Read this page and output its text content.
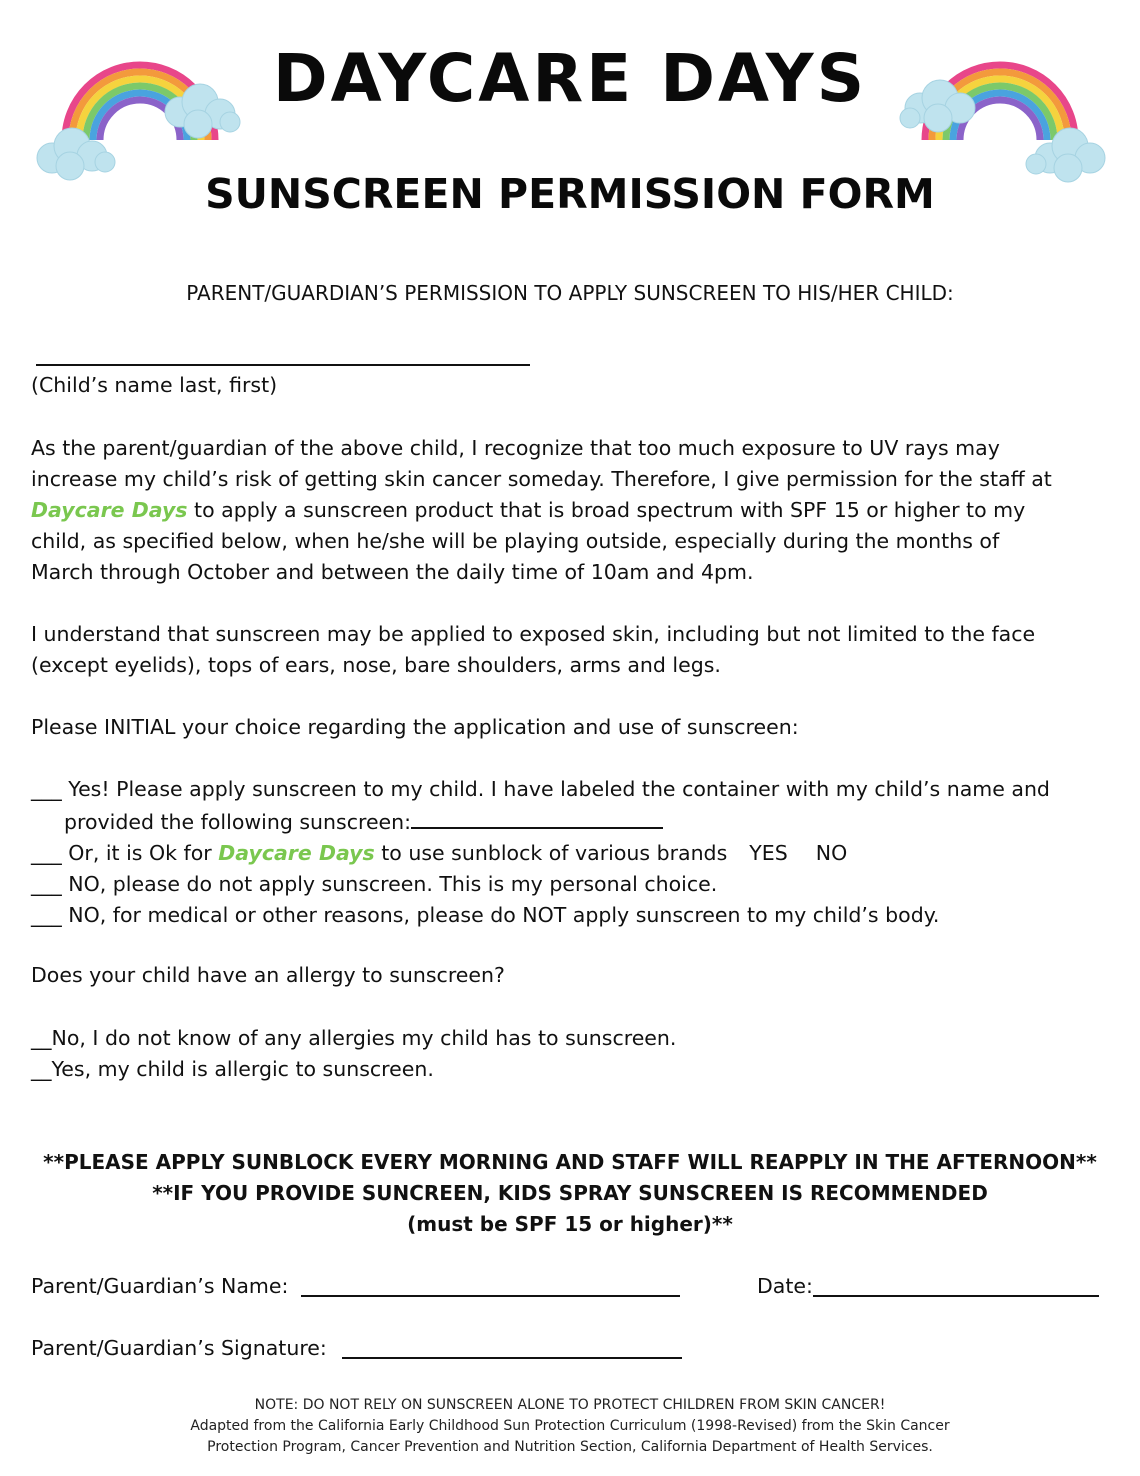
DAYCARE DAYS
SUNSCREEN PERMISSION FORM
PARENT/GUARDIAN’S PERMISSION TO APPLY SUNSCREEN TO HIS/HER CHILD:
(Child’s name last, first)
As the parent/guardian of the above child, I recognize that too much exposure to UV rays may
increase my child’s risk of getting skin cancer someday. Therefore, I give permission for the staff at
Daycare Days to apply a sunscreen product that is broad spectrum with SPF 15 or higher to my
child, as specified below, when he/she will be playing outside, especially during the months of
March through October and between the daily time of 10am and 4pm.
I understand that sunscreen may be applied to exposed skin, including but not limited to the face
(except eyelids), tops of ears, nose, bare shoulders, arms and legs.
Please INITIAL your choice regarding the application and use of sunscreen:
___ Yes! Please apply sunscreen to my child. I have labeled the container with my child’s name and
provided the following sunscreen:
___ Or, it is Ok for Daycare Days to use sunblock of various brands YES NO
___ NO, please do not apply sunscreen. This is my personal choice.
___ NO, for medical or other reasons, please do NOT apply sunscreen to my child’s body.
Does your child have an allergy to sunscreen?
__No, I do not know of any allergies my child has to sunscreen.
__Yes, my child is allergic to sunscreen.
**PLEASE APPLY SUNBLOCK EVERY MORNING AND STAFF WILL REAPPLY IN THE AFTERNOON**
**IF YOU PROVIDE SUNCREEN, KIDS SPRAY SUNSCREEN IS RECOMMENDED
(must be SPF 15 or higher)**
Parent/Guardian’s Name:	Date:
Parent/Guardian’s Signature:
NOTE: DO NOT RELY ON SUNSCREEN ALONE TO PROTECT CHILDREN FROM SKIN CANCER!
Adapted from the California Early Childhood Sun Protection Curriculum (1998-Revised) from the Skin Cancer
Protection Program, Cancer Prevention and Nutrition Section, California Department of Health Services.
